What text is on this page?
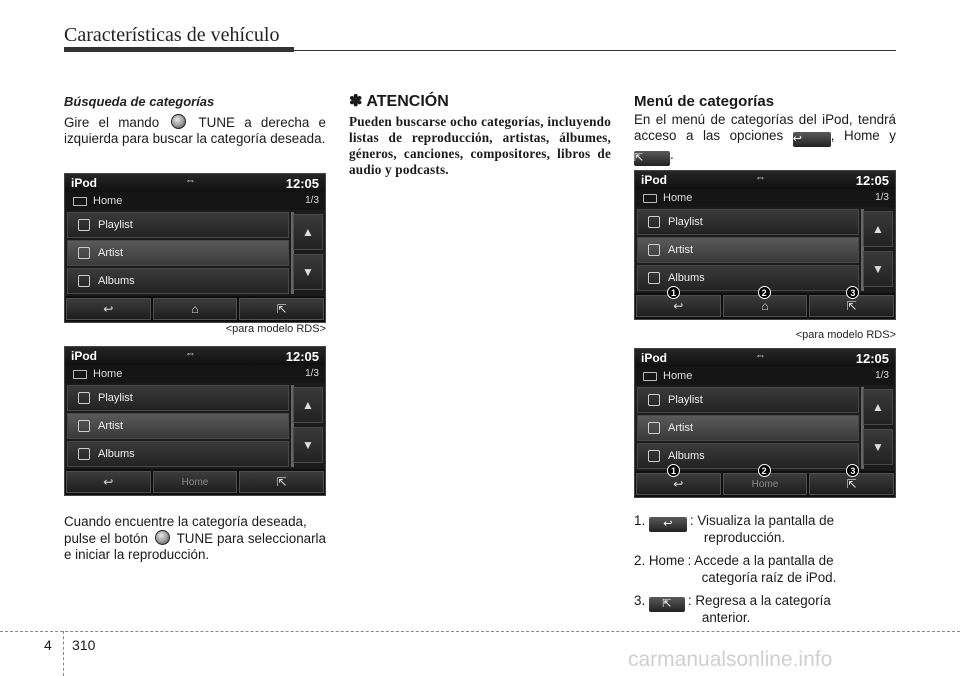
Características de vehículo
Búsqueda de categorías

Gire el mando	TUNE a derecha e izquierda para buscar la categoría deseada.

iPod	⇔	12:05
Home	1/3
Playlist
Artist
Albums
▲
▼
↩	⌂	⇱
<para modelo RDS>
iPod	⇔	12:05
Home	1/3
Playlist
Artist
Albums
▲
▼
↩	Home	⇱

Cuando encuentre la categoría deseada,

pulse el botón TUNE para seleccionarla e iniciar la reproducción.

✽ ATENCIÓN

Pueden buscarse ocho categorías, incluyendo listas de reproducción, artistas, álbumes, géneros, canciones, compositores, libros de audio y podcasts.

Menú de categorías

En el menú de categorías del iPod, tendrá acceso a las opciones ↩ , Home y ⇱ .

iPod	⇔	12:05
Home	1/3
Playlist
Artist
Albums
▲
▼
1
↩
2
⌂
3
⇱
<para modelo RDS>
iPod	⇔	12:05
Home	1/3
Playlist
Artist
Albums
▲
▼
1
↩
2
Home
3
⇱
1. ↩	: Visualiza la pantalla de
reproducción.
2. Home : Accede a la pantalla de
categoría raíz de iPod.
3. ⇱	: Regresa a la categoría
anterior.
4 310
carmanualsonline.info
